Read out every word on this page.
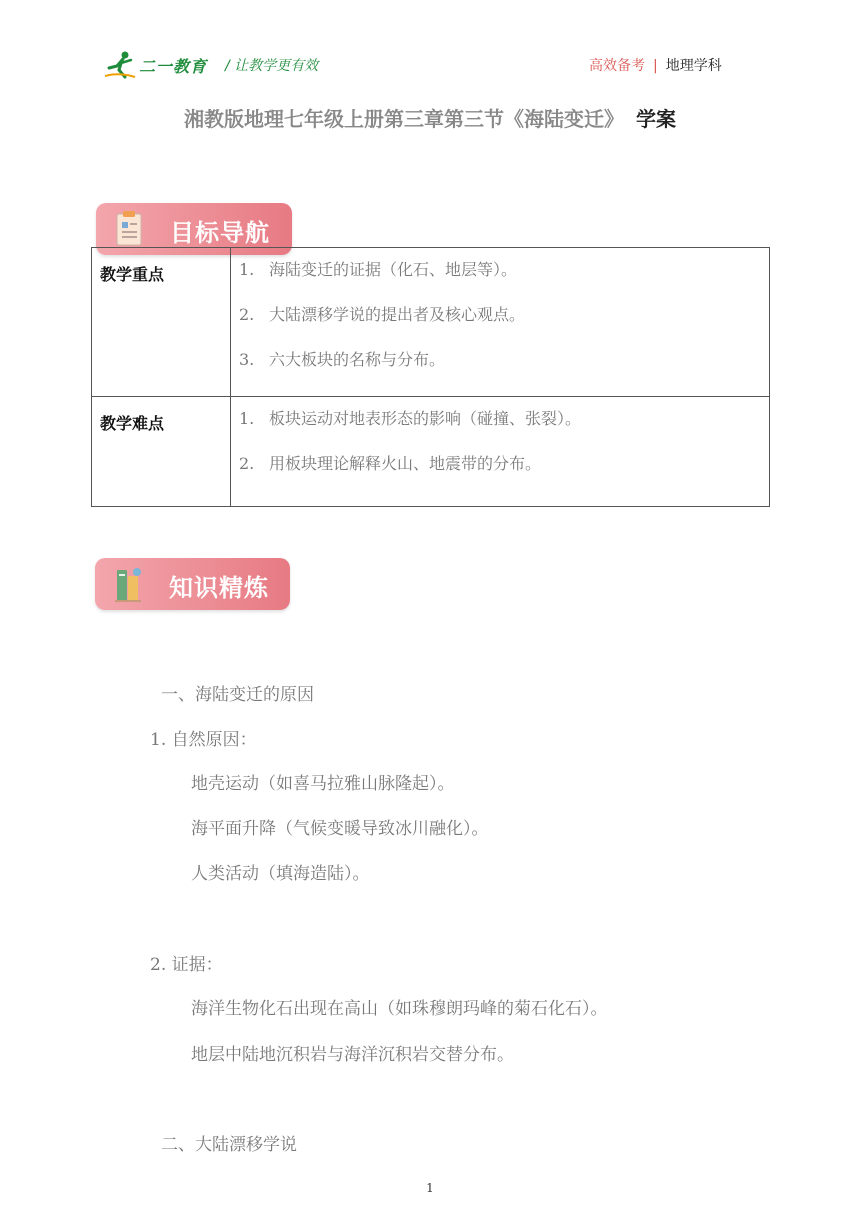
二一教育 / 让教学更有效	高效备考 | 地理学科
湘教版地理七年级上册第三章第三节《海陆变迁》 学案
目标导航
教学重点	1. 海陆变迁的证据（化石、地层等）。
2. 大陆漂移学说的提出者及核心观点。
3. 六大板块的名称与分布。

教学难点	1. 板块运动对地表形态的影响（碰撞、张裂）。
2. 用板块理论解释火山、地震带的分布。
知识精炼
一、海陆变迁的原因
1. 自然原因：
地壳运动（如喜马拉雅山脉隆起）。
海平面升降（气候变暖导致冰川融化）。
人类活动（填海造陆）。
2. 证据：
海洋生物化石出现在高山（如珠穆朗玛峰的菊石化石）。
地层中陆地沉积岩与海洋沉积岩交替分布。
二、大陆漂移学说
1
